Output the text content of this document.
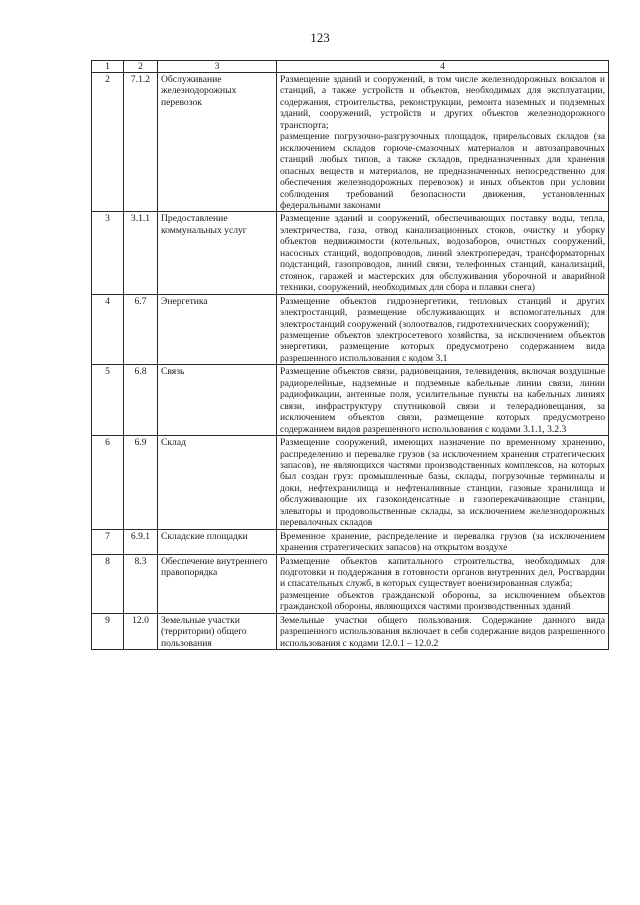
123
1	2	3	4
2	7.1.2	Обслуживание железнодорожных перевозок	Размещение зданий и сооружений, в том числе железнодорожных вокзалов и станций, а также устройств и объектов, необходимых для эксплуатации, содержания, строительства, реконструкции, ремонта наземных и подземных зданий, сооружений, устройств и других объектов железнодорожного транспорта;
размещение погрузочно-разгрузочных площадок, прирельсовых складов (за исключением складов горюче-смазочных материалов и автозаправочных станций любых типов, а также складов, предназначенных для хранения опасных веществ и материалов, не предназначенных непосредственно для обеспечения железнодорожных перевозок) и иных объектов при условии соблюдения требований безопасности движения, установленных федеральными законами

3	3.1.1	Предоставление коммунальных услуг	Размещение зданий и сооружений, обеспечивающих поставку воды, тепла, электричества, газа, отвод канализационных стоков, очистку и уборку объектов недвижимости (котельных, водозаборов, очистных сооружений, насосных станций, водопроводов, линий электропередач, трансформаторных подстанций, газопроводов, линий связи, телефонных станций, канализаций, стоянок, гаражей и мастерских для обслуживания уборочной и аварийной техники, сооружений, необходимых для сбора и плавки снега)

4	6.7	Энергетика	Размещение объектов гидроэнергетики, тепловых станций и других электростанций, размещение обслуживающих и вспомогательных для электростанций сооружений (золоотвалов, гидротехнических сооружений);
размещение объектов электросетевого хозяйства, за исключением объектов энергетики, размещение которых предусмотрено содержанием вида разрешенного использования с кодом 3.1

5	6.8	Связь	Размещение объектов связи, радиовещания, телевидения, включая воздушные радиорелейные, надземные и подземные кабельные линии связи, линии радиофикации, антенные поля, усилительные пункты на кабельных линиях связи, инфраструктуру спутниковой связи и телерадиовещания, за исключением объектов связи, размещение которых предусмотрено содержанием видов разрешенного использования с кодами 3.1.1, 3.2.3

6	6.9	Склад	Размещение сооружений, имеющих назначение по временному хранению, распределению и перевалке грузов (за исключением хранения стратегических запасов), не являющихся частями производственных комплексов, на которых был создан груз: промышленные базы, склады, погрузочные терминалы и доки, нефтехранилища и нефтеналивные станции, газовые хранилища и обслуживающие их газоконденсатные и газоперекачивающие станции, элеваторы и продовольственные склады, за исключением железнодорожных перевалочных складов

7	6.9.1	Складские площадки	Временное хранение, распределение и перевалка грузов (за исключением хранения стратегических запасов) на открытом воздухе

8	8.3	Обеспечение внутреннего правопорядка	Размещение объектов капитального строительства, необходимых для подготовки и поддержания в готовности органов внутренних дел, Росгвардии и спасательных служб, в которых существует военизированная служба;
размещение объектов гражданской обороны, за исключением объектов гражданской обороны, являющихся частями производственных зданий

9	12.0	Земельные участки (территории) общего пользования	Земельные участки общего пользования. Содержание данного вида разрешенного использования включает в себя содержание видов разрешенного использования с кодами 12.0.1 – 12.0.2
